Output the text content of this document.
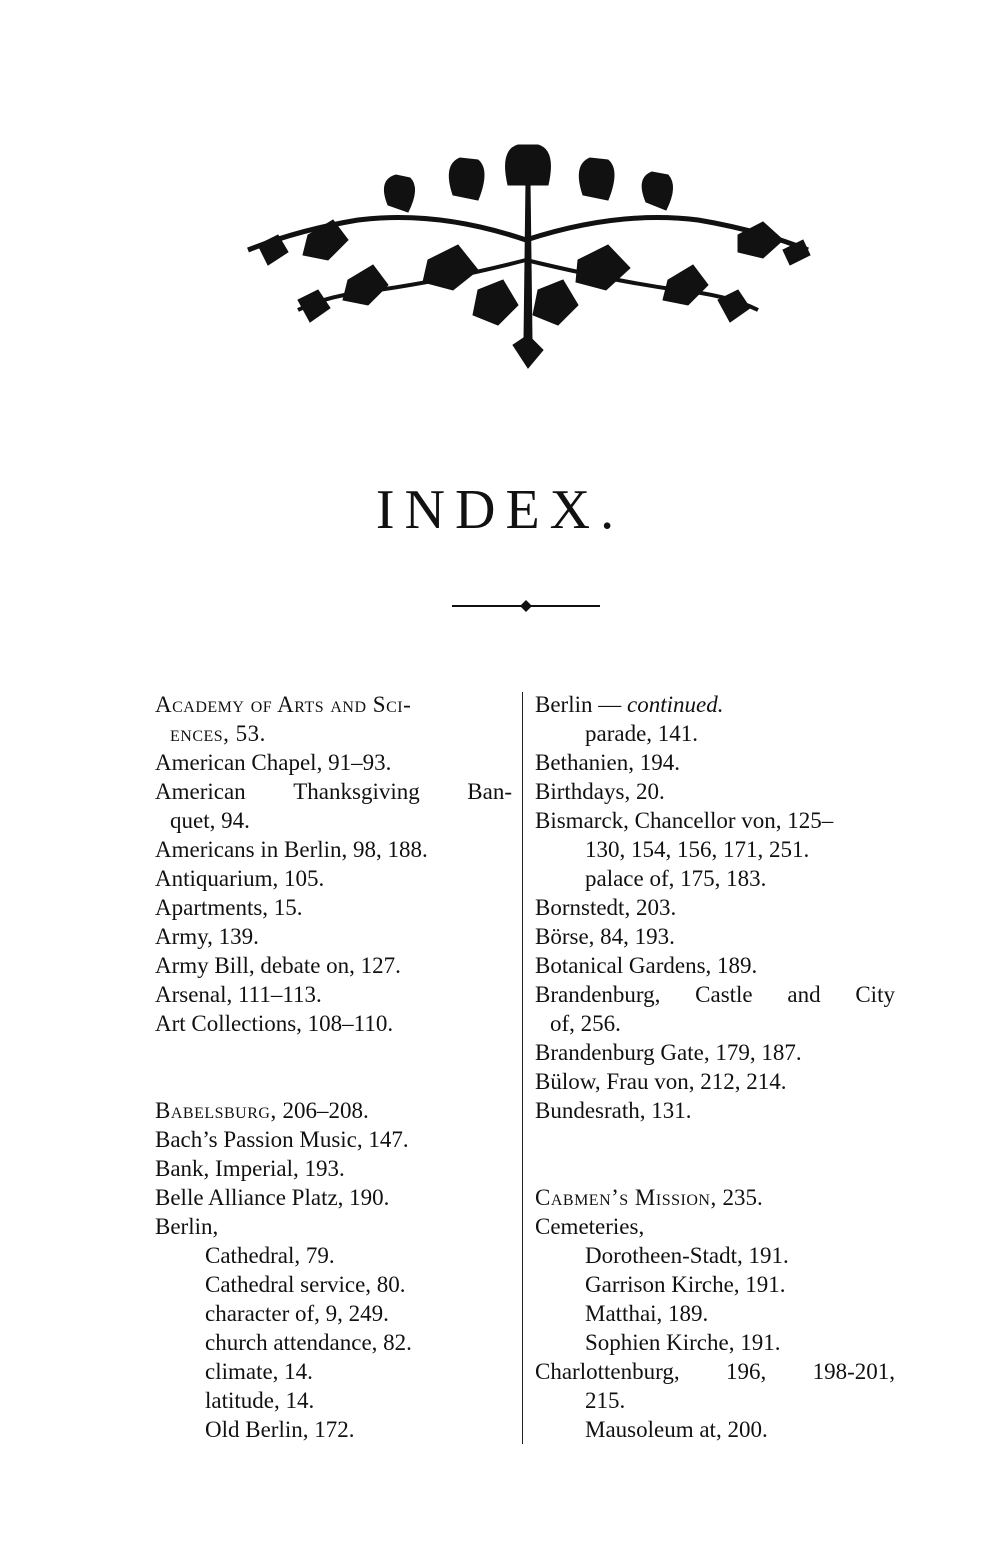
INDEX.
Academy of Arts and Sci-
ences, 53.
American Chapel, 91–93.
American Thanksgiving Ban-
quet, 94.
Americans in Berlin, 98, 188.
Antiquarium, 105.
Apartments, 15.
Army, 139.
Army Bill, debate on, 127.
Arsenal, 111–113.
Art Collections, 108–110.
Babelsburg, 206–208.
Bach’s Passion Music, 147.
Bank, Imperial, 193.
Belle Alliance Platz, 190.
Berlin,
Cathedral, 79.
Cathedral service, 80.
character of, 9, 249.
church attendance, 82.
climate, 14.
latitude, 14.
Old Berlin, 172.
Berlin — continued.
parade, 141.
Bethanien, 194.
Birthdays, 20.
Bismarck, Chancellor von, 125–
130, 154, 156, 171, 251.
palace of, 175, 183.
Bornstedt, 203.
Börse, 84, 193.
Botanical Gardens, 189.
Brandenburg, Castle and City
of, 256.
Brandenburg Gate, 179, 187.
Bülow, Frau von, 212, 214.
Bundesrath, 131.
Cabmen’s Mission, 235.
Cemeteries,
Dorotheen-Stadt, 191.
Garrison Kirche, 191.
Matthai, 189.
Sophien Kirche, 191.
Charlottenburg, 196, 198-201,
215.
Mausoleum at, 200.
